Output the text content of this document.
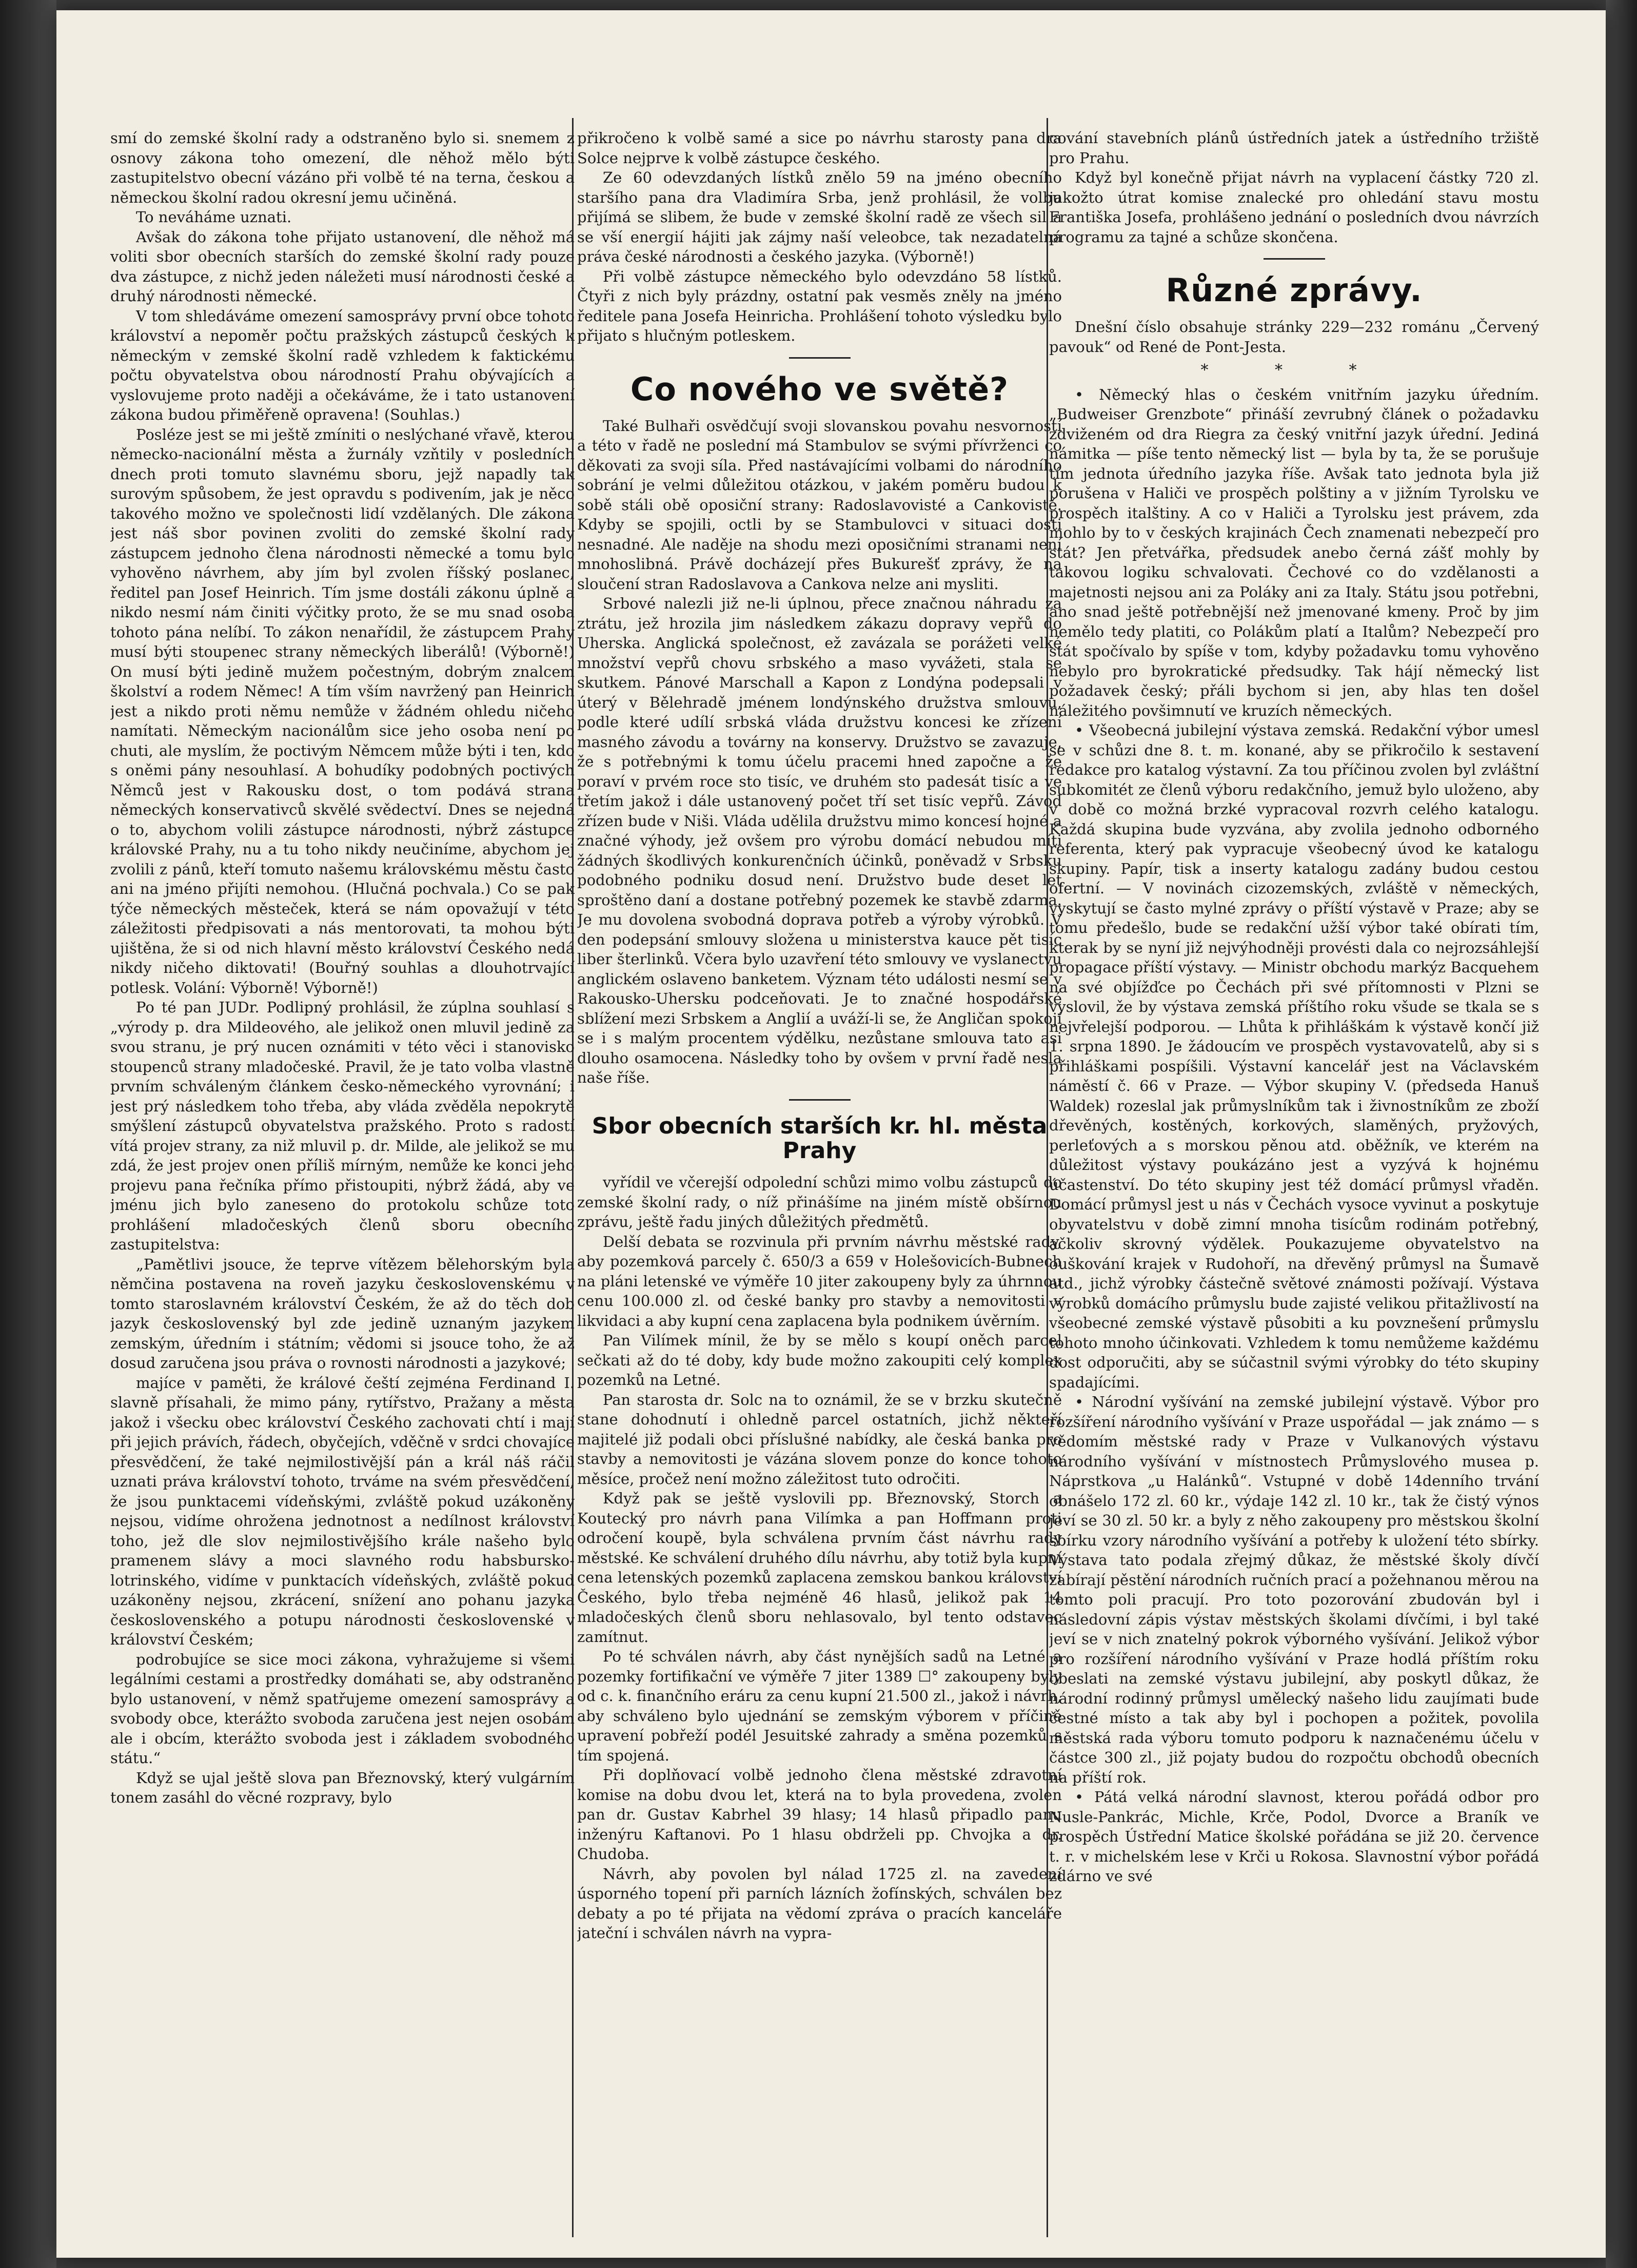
smí do zemské školní rady a odstraněno bylo si. snemem z osnovy zákona toho omezení, dle něhož mělo býti zastupitelstvo obecní vázáno při volbě té na terna, českou a německou školní radou okresní jemu učiněná.

To neváháme uznati.

Avšak do zákona tohe přijato ustanovení, dle něhož má voliti sbor obecních starších do zemské školní rady pouze dva zástupce, z nichž jeden náležeti musí národnosti české a druhý národnosti německé.

V tom shledáváme omezení samosprávy první obce tohoto království a nepoměr počtu pražských zástupců českých k německým v zemské školní radě vzhledem k faktickému počtu obyvatelstva obou národností Prahu obývajících a vyslovujeme proto naději a očekáváme, že i tato ustanovení zákona budou přiměřeně opravena! (Souhlas.)

Posléze jest se mi ještě zmíniti o neslýchané vřavě, kterou německo-nacionální města a žurnály vzňtily v posledních dnech proti tomuto slavnému sboru, jejž napadly tak surovým spůsobem, že jest opravdu s podivením, jak je něco takového možno ve společnosti lidí vzdělaných. Dle zákona jest náš sbor povinen zvoliti do zemské školní rady zástupcem jednoho člena národnosti německé a tomu bylo vyhověno návrhem, aby jím byl zvolen říšský poslanec, ředitel pan Josef Heinrich. Tím jsme dostáli zákonu úplně a nikdo nesmí nám činiti výčitky proto, že se mu snad osoba tohoto pána nelíbí. To zákon nenařídil, že zástupcem Prahy musí býti stoupenec strany německých liberálů! (Výborně!) On musí býti jedině mužem počestným, dobrým znalcem školství a rodem Němec! A tím vším navržený pan Heinrich jest a nikdo proti němu nemůže v žádném ohledu ničeho namítati. Německým nacionálům sice jeho osoba není po chuti, ale myslím, že poctivým Němcem může býti i ten, kdo s oněmi pány nesouhlasí. A bohudíky podobných poctivých Němců jest v Rakousku dost, o tom podává strana německých konservativců skvělé svědectví. Dnes se nejedná o to, abychom volili zástupce národnosti, nýbrž zástupce královské Prahy, nu a tu toho nikdy neučiníme, abychom jej zvolili z pánů, kteří tomuto našemu královskému městu často ani na jméno přijíti nemohou. (Hlučná pochvala.) Co se pak týče německých městeček, která se nám opovažují v této záležitosti předpisovati a nás mentorovati, ta mohou býti ujištěna, že si od nich hlavní město království Českého nedá nikdy ničeho diktovati! (Bouřný souhlas a dlouhotrvající potlesk. Volání: Výborně! Výborně!)

Po té pan JUDr. Podlipný prohlásil, že zúplna souhlasí s „výrody p. dra Mildeového, ale jelikož onen mluvil jedině za svou stranu, je prý nucen oznámiti v této věci i stanovisko stoupenců strany mladočeské. Pravil, že je tato volba vlastně prvním schváleným článkem česko-německého vyrovnání; i jest prý následkem toho třeba, aby vláda zvěděla nepokrytě smýšlení zástupců obyvatelstva pražského. Proto s radostí vítá projev strany, za niž mluvil p. dr. Milde, ale jelikož se mu zdá, že jest projev onen příliš mírným, nemůže ke konci jeho projevu pana řečníka přímo přistoupiti, nýbrž žádá, aby ve jménu jich bylo zaneseno do protokolu schůze toto prohlášení mladočeských členů sboru obecního zastupitelstva:

„Pamětlivi jsouce, že teprve vítězem bělehorským byla němčina postavena na roveň jazyku československému v tomto staroslavném království Českém, že až do těch dob jazyk československý byl zde jedině uznaným jazykem zemským, úředním i státním; vědomi si jsouce toho, že až dosud zaručena jsou práva o rovnosti národnosti a jazykové;

majíce v paměti, že králové čeští zejména Ferdinand I. slavně přísahali, že mimo pány, rytířstvo, Pražany a města jakož i všecku obec království Českého zachovati chtí i mají při jejich právích, řádech, obyčejích, vděčně v srdci chovajíce přesvědčení, že také nejmilostivější pán a král náš ráčil uznati práva království tohoto, trváme na svém přesvědčení, že jsou punktacemi vídeňskými, zvláště pokud uzákoněny nejsou, vidíme ohrožena jednotnost a nedílnost království toho, jež dle slov nejmilostivějšího krále našeho bylo pramenem slávy a moci slavného rodu habsbursko-lotrinského, vidíme v punktacích vídeňských, zvláště pokud uzákoněny nejsou, zkrácení, snížení ano pohanu jazyka československého a potupu národnosti československé v království Českém;

podrobujíce se sice moci zákona, vyhražujeme si všemi legálními cestami a prostředky domáhati se, aby odstraněno bylo ustanovení, v němž spatřujeme omezení samosprávy a svobody obce, kterážto svoboda zaručena jest nejen osobám ale i obcím, kterážto svoboda jest i základem svobodného státu.“

Když se ujal ještě slova pan Březnovský, který vulgárním tonem zasáhl do věcné rozpravy, bylo

přikročeno k volbě samé a sice po návrhu starosty pana dra Solce nejprve k volbě zástupce českého.

Ze 60 odevzdaných lístků znělo 59 na jméno obecního staršího pana dra Vladimíra Srba, jenž prohlásil, že volbu přijímá se slibem, že bude v zemské školní radě ze všech sil a se vší energií hájiti jak zájmy naší veleobce, tak nezadatelná práva české národnosti a českého jazyka. (Výborně!)

Při volbě zástupce německého bylo odevzdáno 58 lístků. Čtyři z nich byly prázdny, ostatní pak vesměs zněly na jméno ředitele pana Josefa Heinricha. Prohlášení tohoto výsledku bylo přijato s hlučným potleskem.

Co nového ve světě?

Také Bulhaři osvědčují svoji slovanskou povahu nesvorností a této v řadě ne poslední má Stambulov se svými přívrženci co děkovati za svoji síla. Před nastávajícími volbami do národního sobrání je velmi důležitou otázkou, v jakém poměru budou k sobě stáli obě oposiční strany: Radoslavovisté a Cankovisté. Kdyby se spojili, octli by se Stambulovci v situaci dosti nesnadné. Ale naděje na shodu mezi oposičními stranami není mnohoslibná. Právě docházejí přes Bukurešť zprávy, že na sloučení stran Radoslavova a Cankova nelze ani mysliti.

Srbové nalezli již ne-li úplnou, přece značnou náhradu za ztrátu, jež hrozila jim následkem zákazu dopravy vepřů do Uherska. Anglická společnost, ež zavázala se porážeti velké množství vepřů chovu srbského a maso vyvážeti, stala se skutkem. Pánové Marschall a Kapon z Londýna podepsali v úterý v Bělehradě jménem londýnského družstva smlouvu, podle které udílí srbská vláda družstvu koncesi ke zřízení masného závodu a továrny na konservy. Družstvo se zavazuje, že s potřebnými k tomu účelu pracemi hned započne a že poraví v prvém roce sto tisíc, ve druhém sto padesát tisíc a ve třetím jakož i dále ustanovený počet tří set tisíc vepřů. Závod zřízen bude v Niši. Vláda udělila družstvu mimo koncesí hojné a značné výhody, jež ovšem pro výrobu domácí nebudou míti žádných škodlivých konkurenčních účinků, poněvadž v Srbsku podobného podniku dosud není. Družstvo bude deset let sproštěno daní a dostane potřebný pozemek ke stavbě zdarma. Je mu dovolena svobodná doprava potřeb a výroby výrobků. V den podepsání smlouvy složena u ministerstva kauce pět tisíc liber šterlinků. Včera bylo uzavření této smlouvy ve vyslanectvu anglickém oslaveno banketem. Význam této události nesmí se v Rakousko-Uhersku podceňovati. Je to značné hospodářské sblížení mezi Srbskem a Anglií a uváží-li se, že Angličan spokojí se i s malým procentem výdělku, nezůstane smlouva tato asi dlouho osamocena. Následky toho by ovšem v první řadě nesla naše říše.

Sbor obecních starších kr. hl. města Prahy

vyřídil ve včerejší odpolední schůzi mimo volbu zástupců do zemské školní rady, o níž přinášíme na jiném místě obšírnou zprávu, ještě řadu jiných důležitých předmětů.

Delší debata se rozvinula při prvním návrhu městské rady, aby pozemková parcely č. 650/3 a 659 v Holešovicích-Bubnech na pláni letenské ve výměře 10 jiter zakoupeny byly za úhrnnou cenu 100.000 zl. od české banky pro stavby a nemovitosti v likvidaci a aby kupní cena zaplacena byla podnikem úvěrním.

Pan Vilímek mínil, že by se mělo s koupí oněch parcel sečkati až do té doby, kdy bude možno zakoupiti celý komplex pozemků na Letné.

Pan starosta dr. Solc na to oznámil, že se v brzku skutečně stane dohodnutí i ohledně parcel ostatních, jichž někteří majitelé již podali obci příslušné nabídky, ale česká banka pro stavby a nemovitosti je vázána slovem ponze do konce tohoto měsíce, pročež není možno záležitost tuto odročiti.

Když pak se ještě vyslovili pp. Březnovský, Storch a Koutecký pro návrh pana Vilímka a pan Hoffmann proti odročení koupě, byla schválena prvním část návrhu rady městské. Ke schválení druhého dílu návrhu, aby totiž byla kupní cena letenských pozemků zaplacena zemskou bankou království Českého, bylo třeba nejméně 46 hlasů, jelikož pak 14 mladočeských členů sboru nehlasovalo, byl tento odstavec zamítnut.

Po té schválen návrh, aby část nynějších sadů na Letné a pozemky fortifikační ve výměře 7 jiter 1389 ☐° zakoupeny byly od c. k. finančního eráru za cenu kupní 21.500 zl., jakož i návrh, aby schváleno bylo ujednání se zemským výborem v příčině upravení pobřeží podél Jesuitské zahrady a směna pozemků s tím spojená.

Při doplňovací volbě jednoho člena městské zdravotní komise na dobu dvou let, která na to byla provedena, zvolen pan dr. Gustav Kabrhel 39 hlasy; 14 hlasů připadlo panu inženýru Kaftanovi. Po 1 hlasu obdrželi pp. Chvojka a dr. Chudoba.

Návrh, aby povolen byl nálad 1725 zl. na zavedení úsporného topení při parních lázních žofínských, schválen bez debaty a po té přijata na vědomí zpráva o pracích kanceláře jateční i schválen návrh na vypra-

cování stavebních plánů ústředních jatek a ústředního tržiště pro Prahu.

Když byl konečně přijat návrh na vyplacení částky 720 zl. jakožto útrat komise znalecké pro ohledání stavu mostu Františka Josefa, prohlášeno jednání o posledních dvou návrzích programu za tajné a schůze skončena.

Různé zprávy.

Dnešní číslo obsahuje stránky 229—232 románu „Červený pavouk“ od René de Pont-Jesta.

* * *

• Německý hlas o českém vnitřním jazyku úředním. „Budweiser Grenzbote“ přináší zevrubný článek o požadavku zdviženém od dra Riegra za český vnitřní jazyk úřední. Jediná námitka — píše tento německý list — byla by ta, že se porušuje tím jednota úředního jazyka říše. Avšak tato jednota byla již porušena v Haliči ve prospěch polštiny a v jižním Tyrolsku ve prospěch italštiny. A co v Haliči a Tyrolsku jest právem, zda mohlo by to v českých krajinách Čech znamenati nebezpečí pro stát? Jen přetvářka, předsudek anebo černá zášť mohly by takovou logiku schvalovati. Čechové co do vzdělanosti a majetnosti nejsou ani za Poláky ani za Italy. Státu jsou potřebni, ano snad ještě potřebnější než jmenované kmeny. Proč by jim nemělo tedy platiti, co Polákům platí a Italům? Nebezpečí pro stát spočívalo by spíše v tom, kdyby požadavku tomu vyhověno nebylo pro byrokratické předsudky. Tak hájí německý list požadavek český; přáli bychom si jen, aby hlas ten došel náležitého povšimnutí ve kruzích německých.

• Všeobecná jubilejní výstava zemská. Redakční výbor umesl se v schůzi dne 8. t. m. konané, aby se přikročilo k sestavení redakce pro katalog výstavní. Za tou příčinou zvolen byl zvláštní subkomitét ze členů výboru redakčního, jemuž bylo uloženo, aby v době co možná brzké vypracoval rozvrh celého katalogu. Každá skupina bude vyzvána, aby zvolila jednoho odborného referenta, který pak vypracuje všeobecný úvod ke katalogu skupiny. Papír, tisk a inserty katalogu zadány budou cestou ofertní. — V novinách cizozemských, zvláště v německých, vyskytují se často mylné zprávy o příští výstavě v Praze; aby se tomu předešlo, bude se redakční užší výbor také obírati tím, kterak by se nyní již nejvýhodněji provésti dala co nejrozsáhlejší propagace příští výstavy. — Ministr obchodu markýz Bacquehem na své objížďce po Čechách při své přítomnosti v Plzni se vyslovil, že by výstava zemská příštího roku všude se tkala se s nejvřelejší podporou. — Lhůta k přihláškám k výstavě končí již 1. srpna 1890. Je žádoucím ve prospěch vystavovatelů, aby si s přihláškami pospíšili. Výstavní kancelář jest na Václavském náměstí č. 66 v Praze. — Výbor skupiny V. (předseda Hanuš Waldek) rozeslal jak průmyslníkům tak i živnostníkům ze zboží dřevěných, kostěných, korkových, slaměných, pryžových, perleťových a s morskou pěnou atd. oběžník, ve kterém na důležitost výstavy poukázáno jest a vyzývá k hojnému účastenství. Do této skupiny jest též domácí průmysl vřaděn. Domácí průmysl jest u nás v Čechách vysoce vyvinut a poskytuje obyvatelstvu v době zimní mnoha tisícům rodinám potřebný, ačkoliv skrovný výdělek. Poukazujeme obyvatelstvo na ouškování krajek v Rudohoří, na dřevěný průmysl na Šumavě atd., jichž výrobky částečně světové známosti požívají. Výstava výrobků domácího průmyslu bude zajisté velikou přitažlivostí na všeobecné zemské výstavě působiti a ku povznešení průmyslu tohoto mnoho účinkovati. Vzhledem k tomu nemůžeme každému dost odporučiti, aby se súčastnil svými výrobky do této skupiny spadajícími.

• Národní vyšívání na zemské jubilejní výstavě. Výbor pro rozšíření národního vyšívání v Praze uspořádal — jak známo — s vědomím městské rady v Praze v Vulkanových výstavu národního vyšívání v místnostech Průmyslového musea p. Náprstkova „u Halánků“. Vstupné v době 14denního trvání obnášelo 172 zl. 60 kr., výdaje 142 zl. 10 kr., tak že čistý výnos jeví se 30 zl. 50 kr. a byly z něho zakoupeny pro městskou školní sbírku vzory národního vyšívání a potřeby k uložení této sbírky. Výstava tato podala zřejmý důkaz, že městské školy dívčí zabírají pěstění národních ručních prací a požehnanou měrou na tomto poli pracují. Pro toto pozorování zbudován byl i následovní zápis výstav městských školami dívčími, i byl také jeví se v nich znatelný pokrok výborného vyšívání. Jelikož výbor pro rozšíření národního vyšívání v Praze hodlá příštím roku obeslati na zemské výstavu jubilejní, aby poskytl důkaz, že národní rodinný průmysl umělecký našeho lidu zaujímati bude čestné místo a tak aby byl i pochopen a požitek, povolila městská rada výboru tomuto podporu k naznačenému účelu v částce 300 zl., již pojaty budou do rozpočtu obchodů obecních na příští rok.

• Pátá velká národní slavnost, kterou pořádá odbor pro Nusle-Pankrác, Michle, Krče, Podol, Dvorce a Braník ve prospěch Ústřední Matice školské pořádána se již 20. července t. r. v michelském lese v Krči u Rokosa. Slavnostní výbor pořádá zdárno ve své
